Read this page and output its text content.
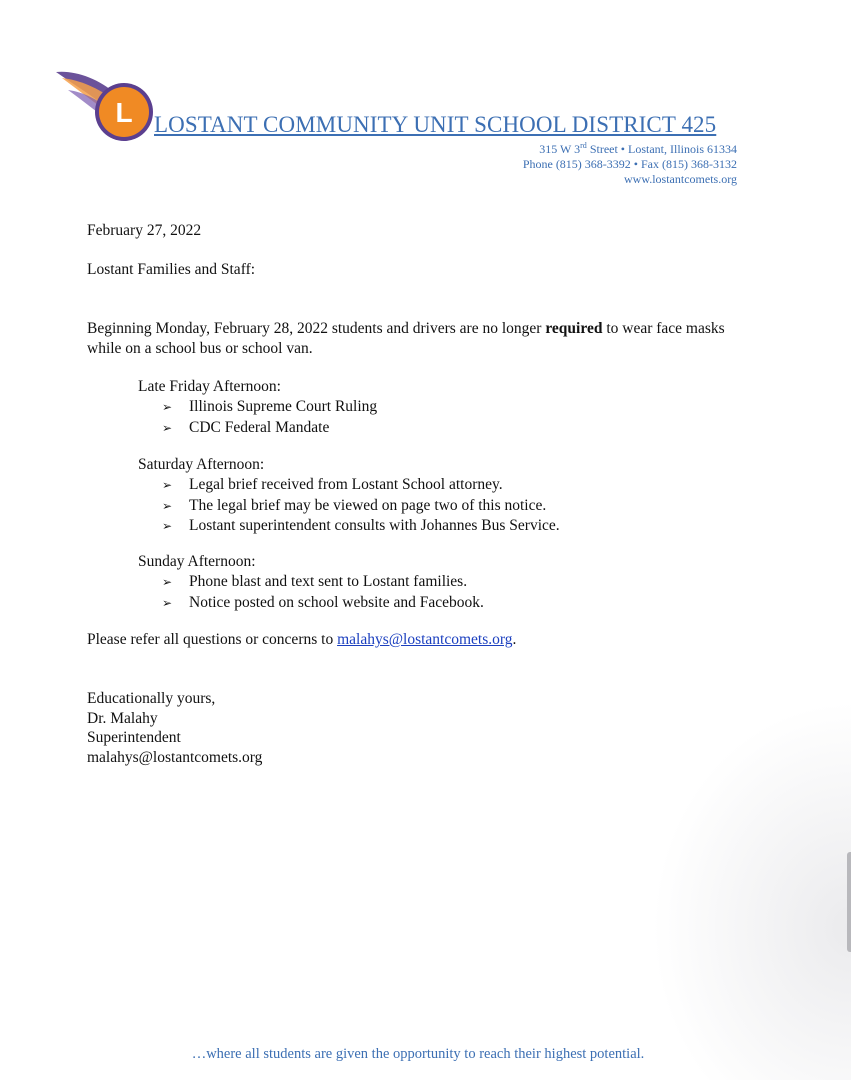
L LOSTANT COMMUNITY UNIT SCHOOL DISTRICT 425
315 W 3rd Street • Lostant, Illinois 61334
Phone (815) 368-3392 • Fax (815) 368-3132
www.lostantcomets.org
February 27, 2022
Lostant Families and Staff:
Beginning Monday, February 28, 2022 students and drivers are no longer required to wear face masks while on a school bus or school van.
Late Friday Afternoon:
➢	Illinois Supreme Court Ruling
➢	CDC Federal Mandate
Saturday Afternoon:
➢	Legal brief received from Lostant School attorney.
➢	The legal brief may be viewed on page two of this notice.
➢	Lostant superintendent consults with Johannes Bus Service.
Sunday Afternoon:
➢	Phone blast and text sent to Lostant families.
➢	Notice posted on school website and Facebook.
Please refer all questions or concerns to malahys@lostantcomets.org.
Educationally yours,
Dr. Malahy
Superintendent
malahys@lostantcomets.org
…where all students are given the opportunity to reach their highest potential.
